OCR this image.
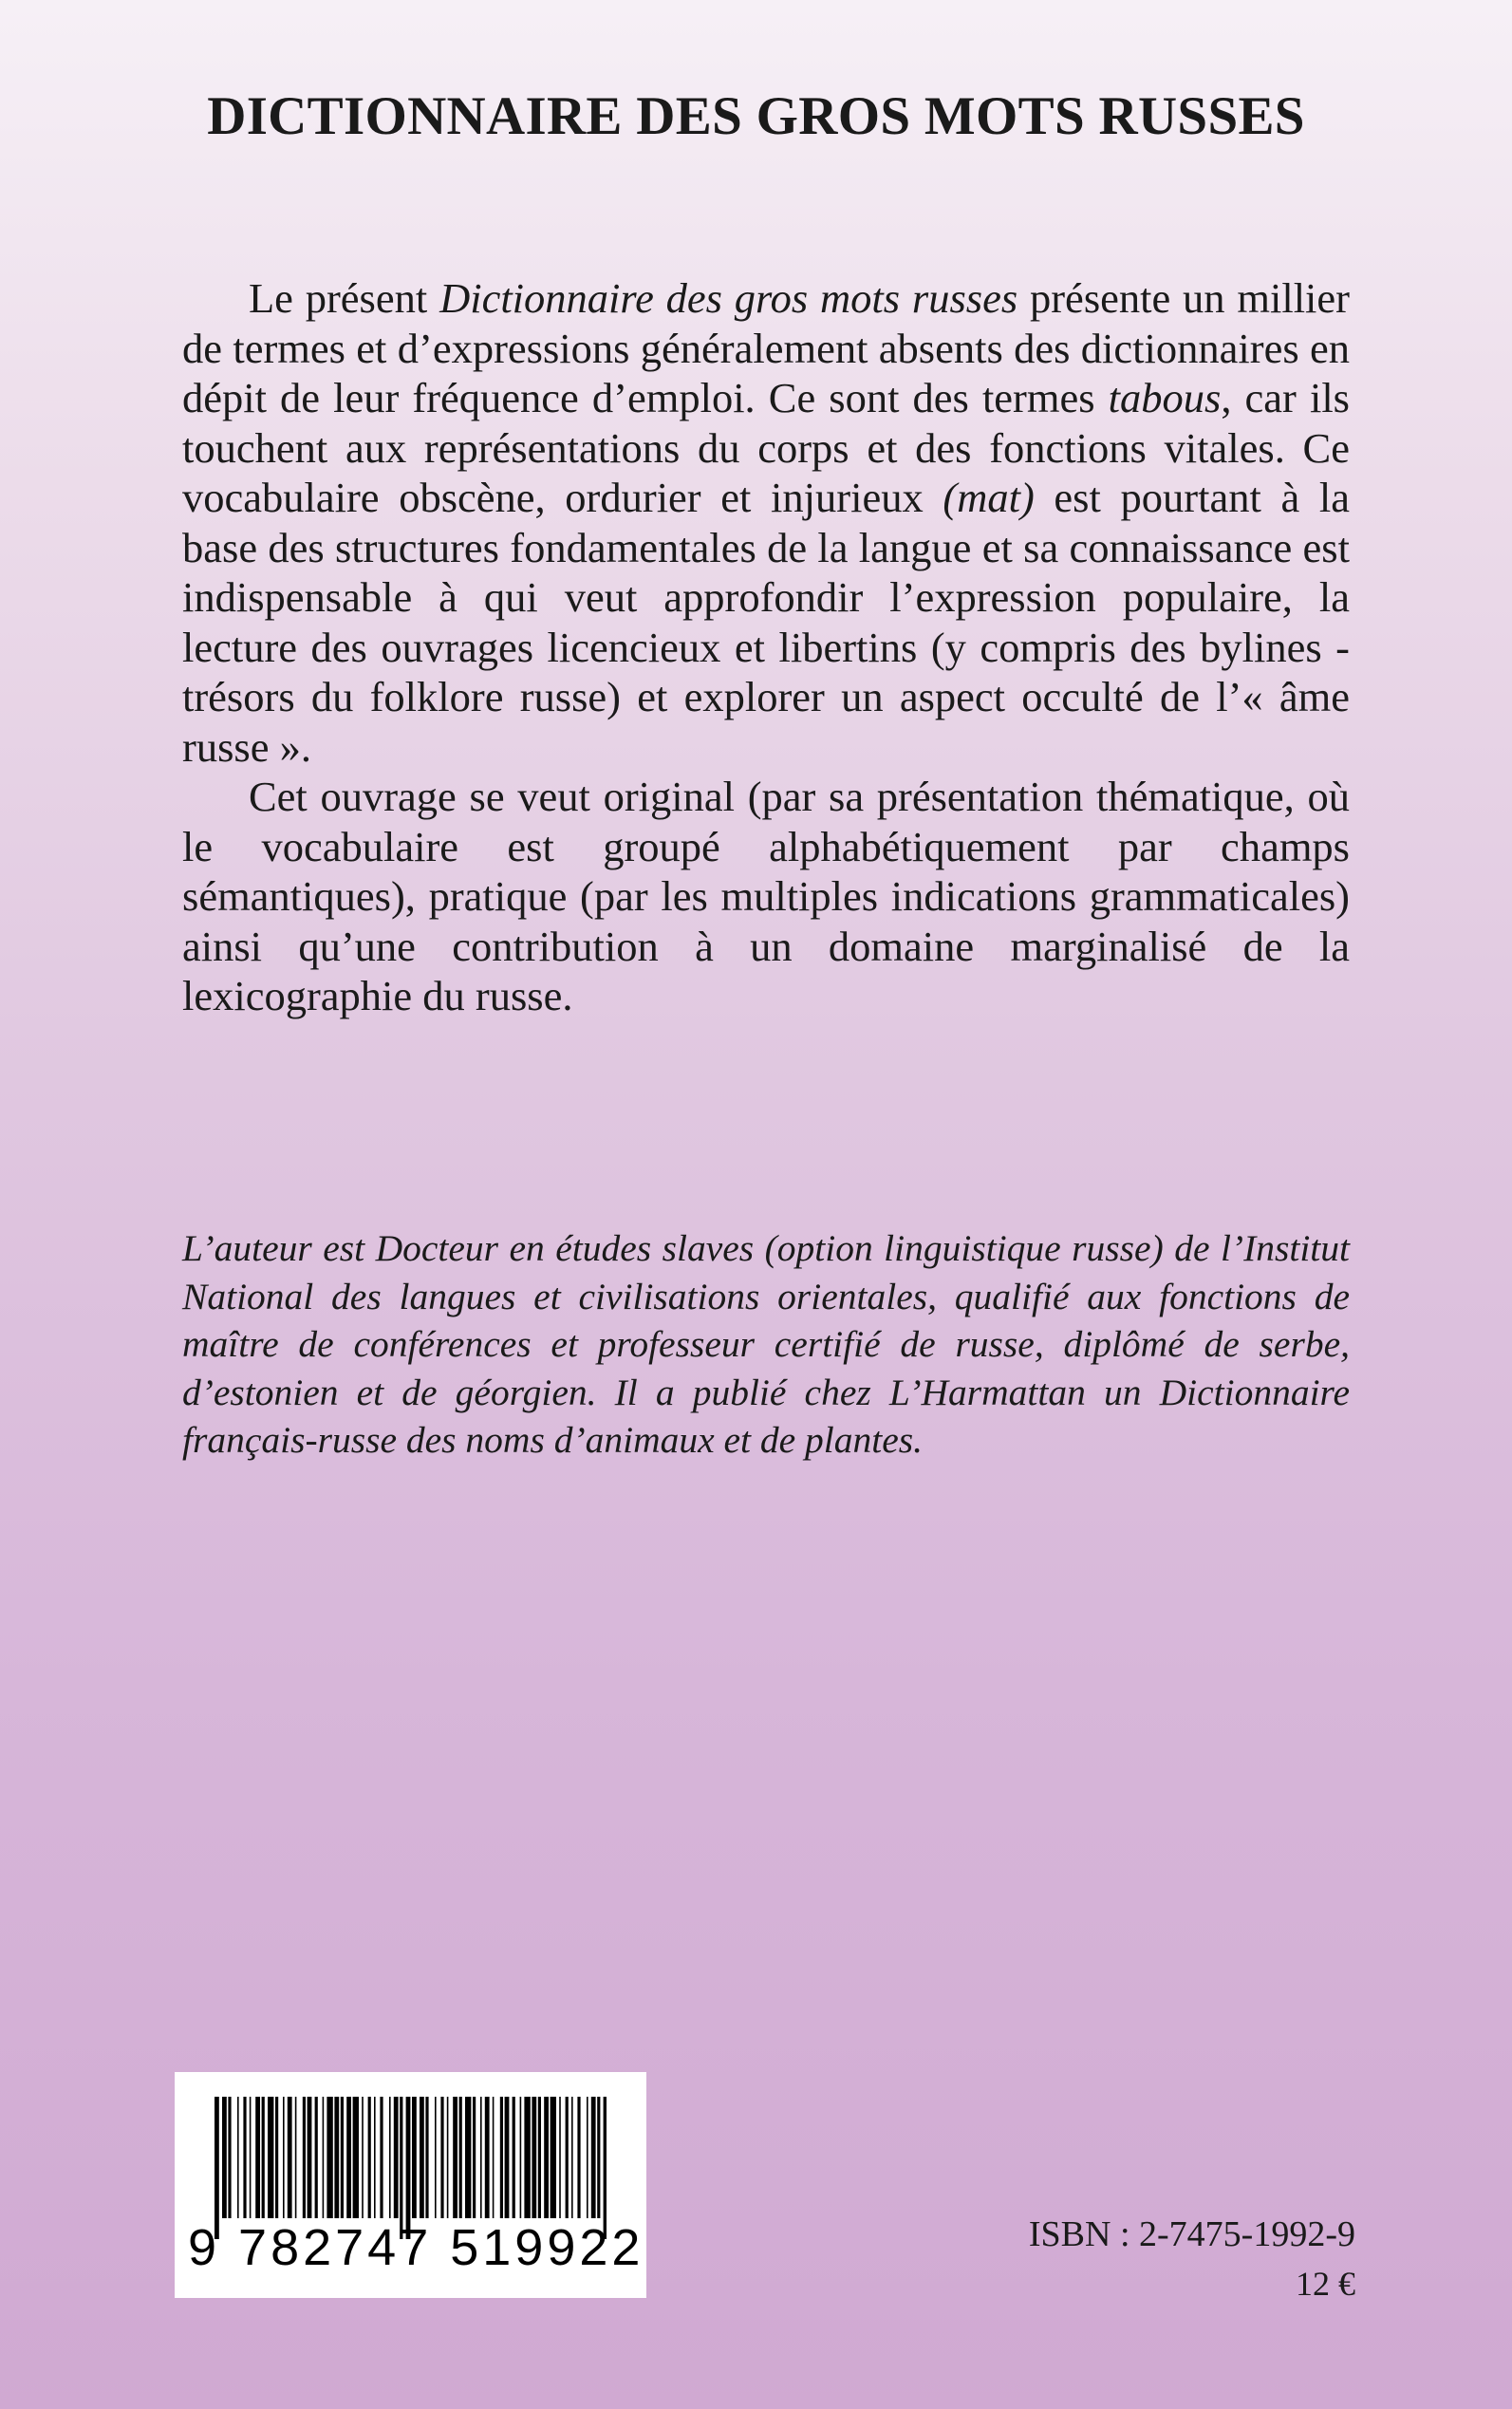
DICTIONNAIRE DES GROS MOTS RUSSES

Le présent Dictionnaire des gros mots russes présente un millier de termes et d’expressions généralement absents des dictionnaires en dépit de leur fréquence d’emploi. Ce sont des termes tabous, car ils touchent aux représentations du corps et des fonctions vitales. Ce vocabulaire obscène, ordurier et injurieux (mat) est pourtant à la base des structures fondamentales de la langue et sa connaissance est indispensable à qui veut approfondir l’expression populaire, la lecture des ouvrages licencieux et libertins (y compris des bylines - trésors du folklore russe) et explorer un aspect occulté de l’« âme russe ».

Cet ouvrage se veut original (par sa présentation thématique, où le vocabulaire est groupé alphabétiquement par champs sémantiques), pratique (par les multiples indications grammaticales) ainsi qu’une contribution à un domaine marginalisé de la lexicographie du russe.

L’auteur est Docteur en études slaves (option linguistique russe) de l’Institut National des langues et civilisations orientales, qualifié aux fonctions de maître de conférences et professeur certifié de russe, diplômé de serbe, d’estonien et de géorgien. Il a publié chez L’Harmattan un Dictionnaire français-russe des noms d’animaux et de plantes.

9 782747 519922	ISBN : 2-7475-1992-9
12 €
